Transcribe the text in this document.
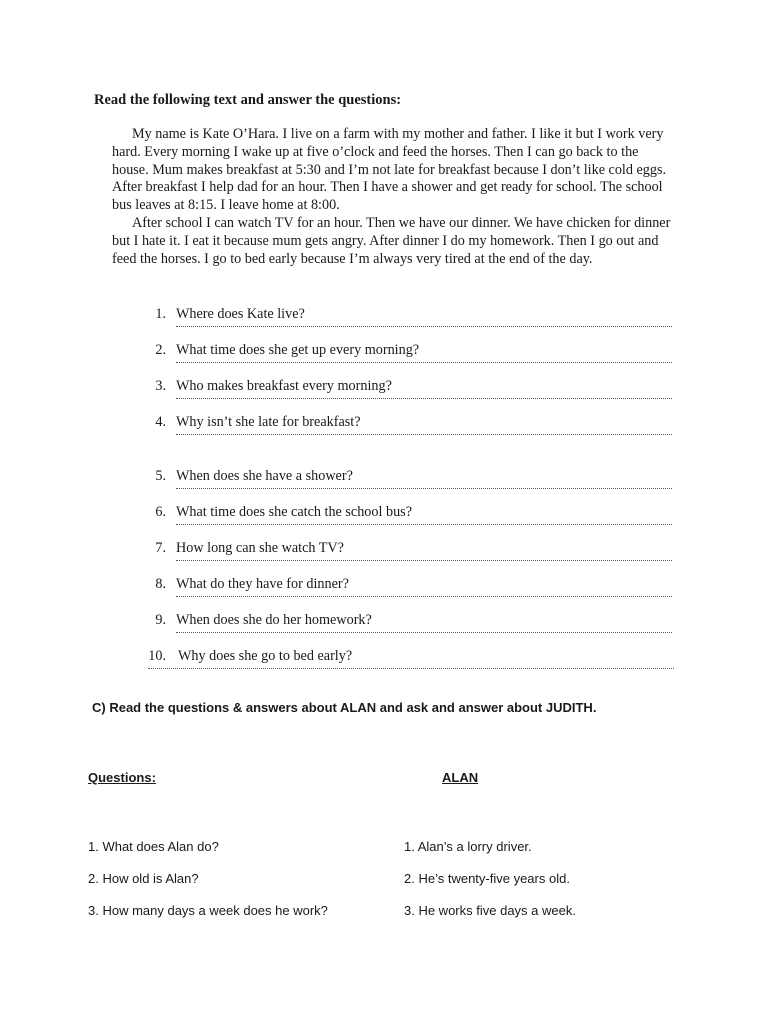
Read the following text and answer the questions:

My name is Kate O’Hara. I live on a farm with my mother and father. I like it but I work very hard. Every morning I wake up at five o’clock and feed the horses. Then I can go back to the house. Mum makes breakfast at 5:30 and I’m not late for breakfast because I don’t like cold eggs. After breakfast I help dad for an hour. Then I have a shower and get ready for school. The school bus leaves at 8:15. I leave home at 8:00.

After school I can watch TV for an hour. Then we have our dinner. We have chicken for dinner but I hate it. I eat it because mum gets angry. After dinner I do my homework. Then I go out and feed the horses. I go to bed early because I’m always very tired at the end of the day.

1. Where does Kate live?
2. What time does she get up every morning?
3. Who makes breakfast every morning?
4. Why isn’t she late for breakfast?
5. When does she have a shower?
6. What time does she catch the school bus?
7. How long can she watch TV?
8. What do they have for dinner?
9. When does she do her homework?
10. Why does she go to bed early?
C) Read the questions & answers about ALAN and ask and answer about JUDITH.
Questions:	ALAN
1. What does Alan do?	1. Alan’s a lorry driver.
2. How old is Alan?	2. He’s twenty-five years old.
3. How many days a week does he work?	3. He works five days a week.
